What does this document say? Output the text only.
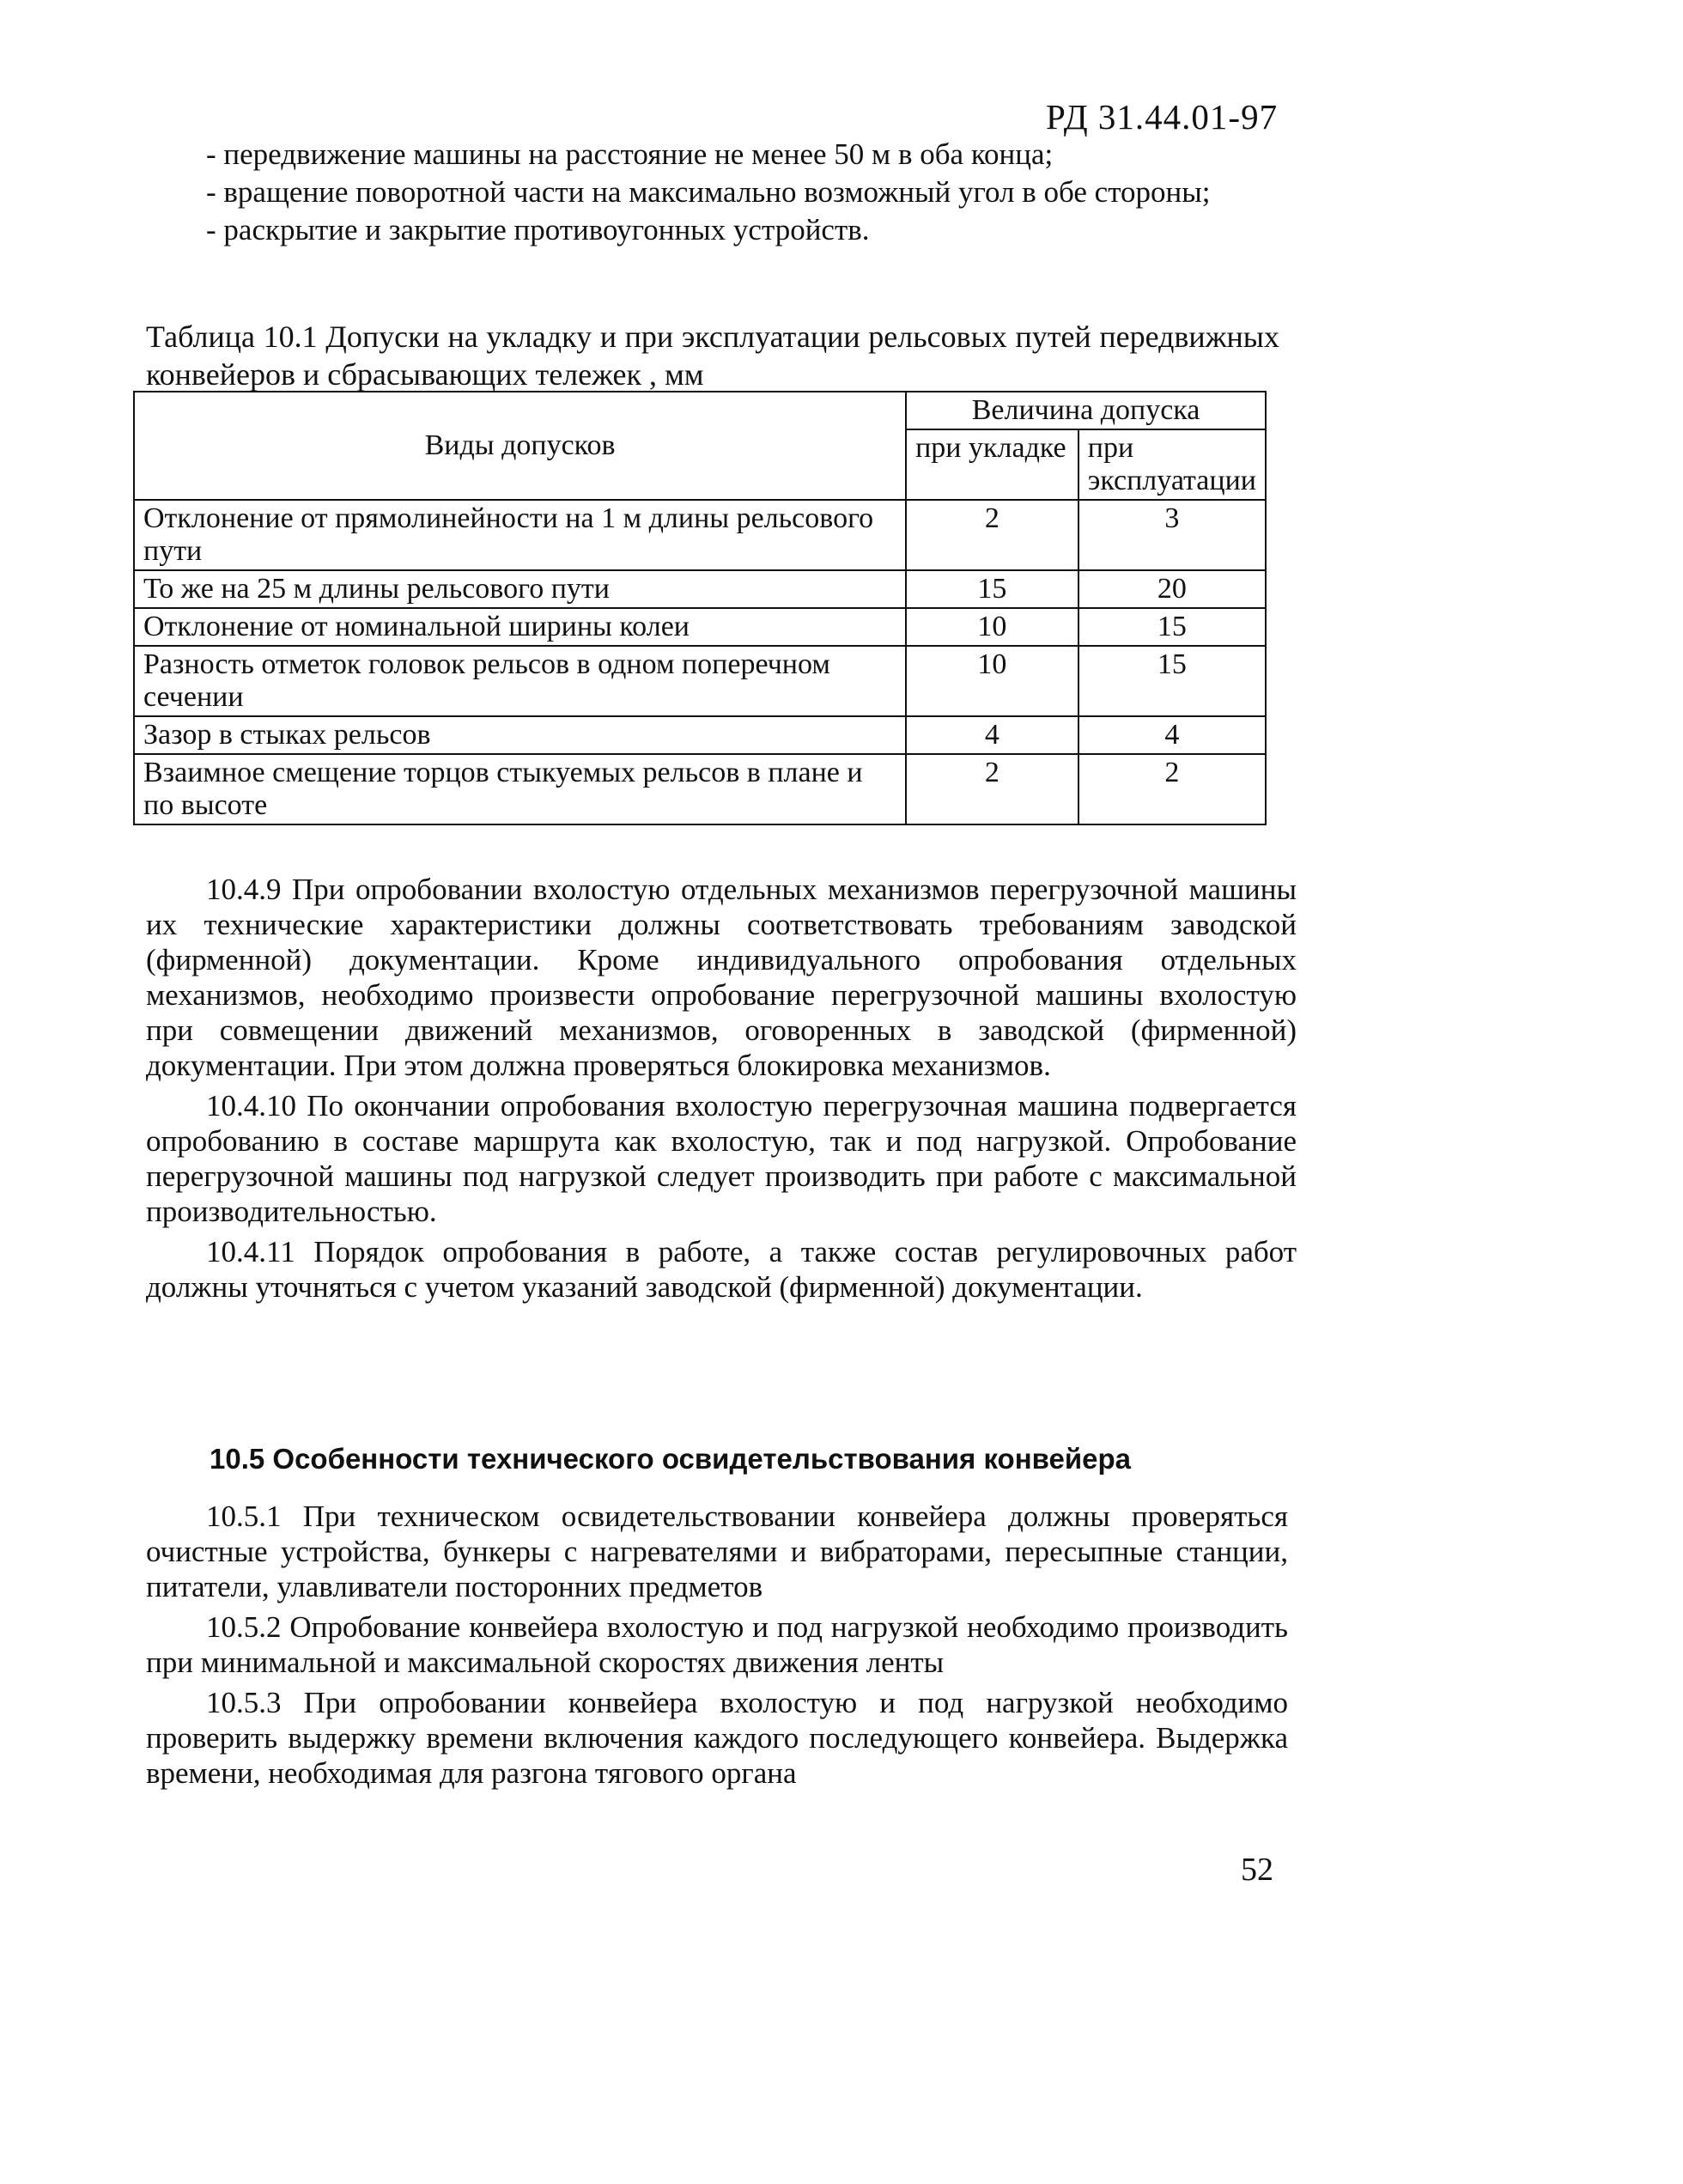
РД 31.44.01-97

- передвижение машины на расстояние не менее 50 м в оба конца;

- вращение поворотной части на максимально возможный угол в обе стороны;

- раскрытие и закрытие противоугонных устройств.

Таблица 10.1 Допуски на укладку и при эксплуатации рельсовых путей передвижных конвейеров и сбрасывающих тележек , мм
Виды допусков	Величина допуска	
	при укладке	при эксплуатации
Отклонение от прямолинейности на 1 м длины рельсового пути	2	3
То же на 25 м длины рельсового пути	15	20
Отклонение от номинальной ширины колеи	10	15
Разность отметок головок рельсов в одном поперечном сечении	10	15
Зазор в стыках рельсов	4	4
Взаимное смещение торцов стыкуемых рельсов в плане и по высоте	2	2

10.4.9 При опробовании вхолостую отдельных механизмов перегрузочной машины их технические характеристики должны соответствовать требованиям заводской (фирменной) документации. Кроме индивидуального опробования отдельных механизмов, необходимо произвести опробование перегрузочной машины вхолостую при совмещении движений механизмов, оговоренных в заводской (фирменной) документации. При этом должна проверяться блокировка механизмов.

10.4.10 По окончании опробования вхолостую перегрузочная машина подвергается опробованию в составе маршрута как вхолостую, так и под нагрузкой. Опробование перегрузочной машины под нагрузкой следует производить при работе с максимальной производительностью.

10.4.11 Порядок опробования в работе, а также состав регулировочных работ должны уточняться с учетом указаний заводской (фирменной) документации.

10.5 Особенности технического освидетельствования конвейера

10.5.1 При техническом освидетельствовании конвейера должны проверяться очистные устройства, бункеры с нагревателями и вибраторами, пересыпные станции, питатели, улавливатели посторонних предметов

10.5.2 Опробование конвейера вхолостую и под нагрузкой необходимо производить при минимальной и максимальной скоростях движения ленты

10.5.3 При опробовании конвейера вхолостую и под нагрузкой необходимо проверить выдержку времени включения каждого последующего конвейера. Выдержка времени, необходимая для разгона тягового органа

52
